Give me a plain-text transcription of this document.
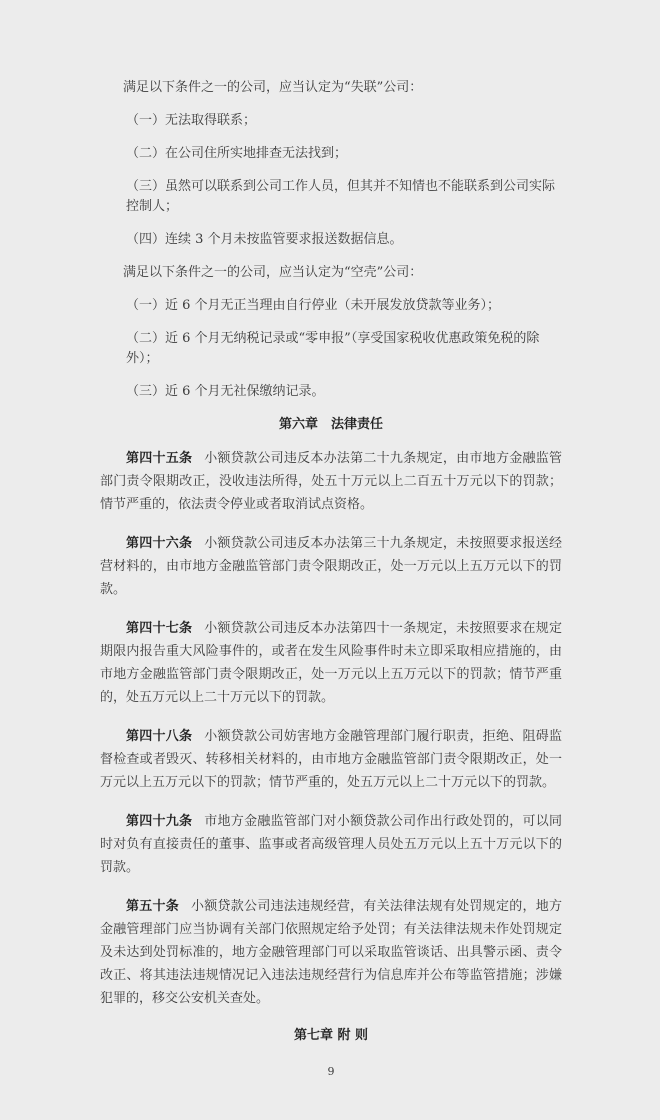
满足以下条件之一的公司，应当认定为“失联”公司：
（一）无法取得联系；
（二）在公司住所实地排查无法找到；
（三）虽然可以联系到公司工作人员，但其并不知情也不能联系到公司实际控制人；
（四）连续 3 个月未按监管要求报送数据信息。
满足以下条件之一的公司，应当认定为“空壳”公司：
（一）近 6 个月无正当理由自行停业（未开展发放贷款等业务）；
（二）近 6 个月无纳税记录或“零申报”（享受国家税收优惠政策免税的除外）；
（三）近 6 个月无社保缴纳记录。
第六章　法律责任
第四十五条 小额贷款公司违反本办法第二十九条规定，由市地方金融监管部门责令限期改正，没收违法所得，处五十万元以上二百五十万元以下的罚款；情节严重的，依法责令停业或者取消试点资格。
第四十六条 小额贷款公司违反本办法第三十九条规定，未按照要求报送经营材料的，由市地方金融监管部门责令限期改正，处一万元以上五万元以下的罚款。
第四十七条 小额贷款公司违反本办法第四十一条规定，未按照要求在规定期限内报告重大风险事件的，或者在发生风险事件时未立即采取相应措施的，由市地方金融监管部门责令限期改正，处一万元以上五万元以下的罚款；情节严重的，处五万元以上二十万元以下的罚款。
第四十八条 小额贷款公司妨害地方金融管理部门履行职责，拒绝、阻碍监督检查或者毁灭、转移相关材料的，由市地方金融监管部门责令限期改正，处一万元以上五万元以下的罚款；情节严重的，处五万元以上二十万元以下的罚款。
第四十九条 市地方金融监管部门对小额贷款公司作出行政处罚的，可以同时对负有直接责任的董事、监事或者高级管理人员处五万元以上五十万元以下的罚款。
第五十条 小额贷款公司违法违规经营，有关法律法规有处罚规定的，地方金融管理部门应当协调有关部门依照规定给予处罚；有关法律法规未作处罚规定及未达到处罚标准的，地方金融管理部门可以采取监管谈话、出具警示函、责令改正、将其违法违规情况记入违法违规经营行为信息库并公布等监管措施；涉嫌犯罪的，移交公安机关查处。
第七章 附 则
9
